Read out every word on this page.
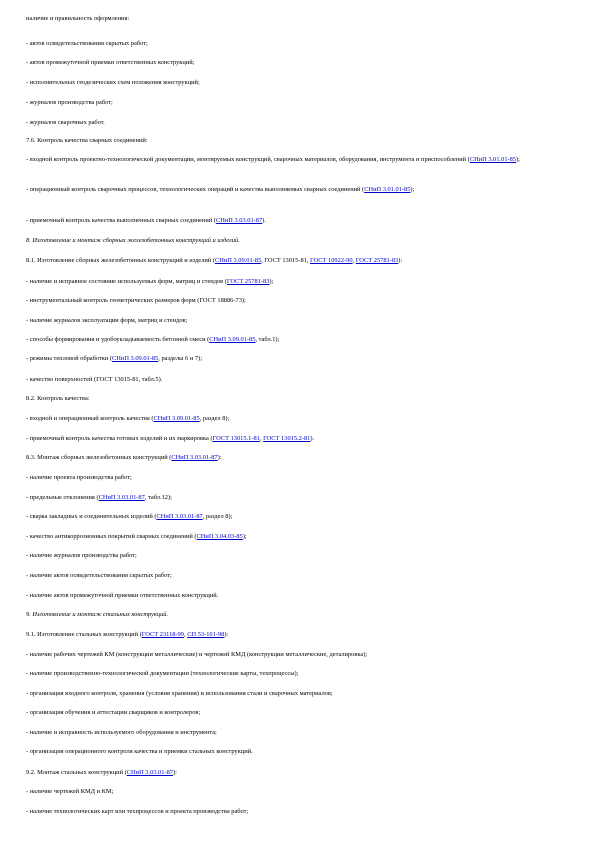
наличие и правильность оформления:

- актов освидетельствования скрытых работ;

- актов промежуточной приемки ответственных конструкций;

- исполнительных геодезических схем положения конструкций;

- журналов производства работ;

- журналов сварочных работ.

7.6. Контроль качества сварных соединений:

- входной контроль проектно-технологической документации, монтируемых конструкций, сварочных материалов, оборудования, инструмента и приспособлений (СНиП 3.01.01-85);

- операционный контроль сварочных процессов, технологических операций и качества выполняемых сварных соединений (СНиП 3.01.01-85);

- приемочный контроль качества выполненных сварных соединений (СНиП 3.03.01-87).

8. Изготовление и монтаж сборных железобетонных конструкций и изделий.

8.1. Изготовление сборных железобетонных конструкций и изделий (СНиП 3.09.01-85, ГОСТ 13015-81, ГОСТ 10922-90, ГОСТ 25781-83):

- наличие и исправное состояние используемых форм, матриц и стендов (ГОСТ 25781-83);

- инструментальный контроль геометрических размеров форм (ГОСТ 18886-73);

- наличие журналов эксплуатации форм, матриц и стендов;

- способы формирования и удобоукладываемость бетонной смеси (СНиП 3.09.01-85, табл.1);

- режимы тепловой обработки (СНиП 3.09.01-85, разделы 6 и 7);

- качество поверхностей (ГОСТ 13015-81, табл.5).

8.2. Контроль качества:

- входной и операционный контроль качества (СНиП 3.09.01-85, раздел 8);

- приемочный контроль качества готовых изделий и их маркировка (ГОСТ 13015.1-81, ГОСТ 13015.2-81).

8.3. Монтаж сборных железобетонных конструкций (СНиП 3.03.01-87):

- наличие проекта производства работ;

- предельные отклонения (СНиП 3.03.01-87, табл.12);

- сварка закладных и соединительных изделий (СНиП 3.03.01-87, раздел 8);

- качество антикоррозионных покрытий сварных соединений (СНиП 3.04.03-85);

- наличие журналов производства работ;

- наличие актов освидетельствования скрытых работ;

- наличие актов промежуточной приемки ответственных конструкций.

9. Изготовление и монтаж стальных конструкций.

9.1. Изготовление стальных конструкций (ГОСТ 23118-99, СП 53-101-98):

- наличие рабочих чертежей КМ (конструкции металлические) и чертежей КМД (конструкции металлические, деталировка);

- наличие производственно-технологической документации (технологические карты, техпроцессы);

- организация входного контроля, хранения (условия хранения) и использования стали и сварочных материалов;

- организация обучения и аттестации сварщиков и контролеров;

- наличие и исправность используемого оборудования и инструмента;

- организация операционного контроля качества и приемки стальных конструкций.

9.2. Монтаж стальных конструкций (СНиП 3.03.01-87):

- наличие чертежей КМД и КМ;

- наличие технологических карт или техпроцессов и проекта производства работ;
